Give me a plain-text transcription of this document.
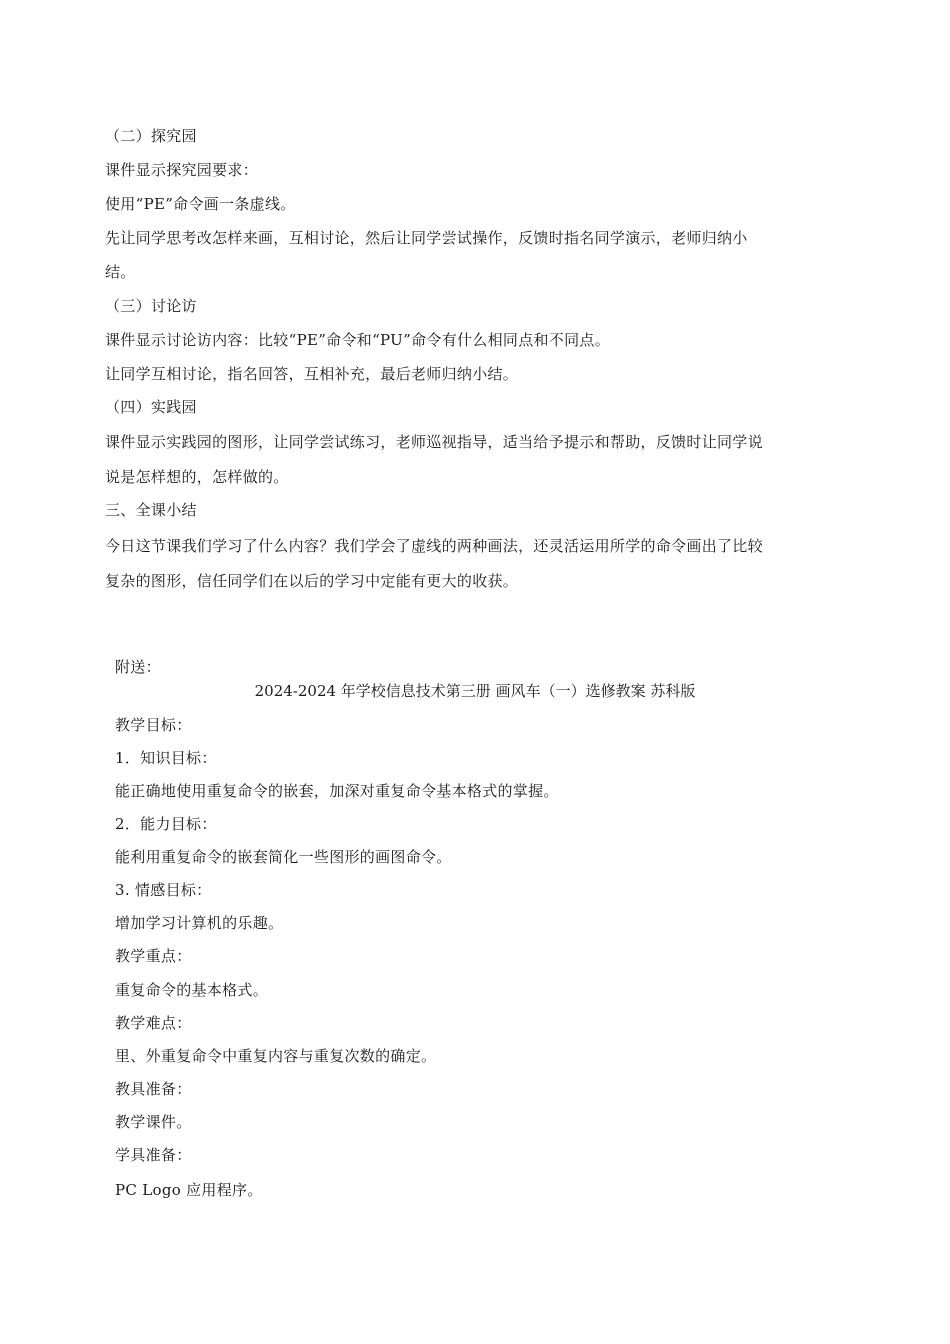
（二）探究园
课件显示探究园要求：
使用“PE”命令画一条虚线。
先让同学思考改怎样来画，互相讨论，然后让同学尝试操作，反馈时指名同学演示，老师归纳小
结。
（三）讨论访
课件显示讨论访内容：比较“PE”命令和“PU”命令有什么相同点和不同点。
让同学互相讨论，指名回答，互相补充，最后老师归纳小结。
（四）实践园
课件显示实践园的图形，让同学尝试练习，老师巡视指导，适当给予提示和帮助，反馈时让同学说
说是怎样想的，怎样做的。
三、全课小结
今日这节课我们学习了什么内容？我们学会了虚线的两种画法，还灵活运用所学的命令画出了比较
复杂的图形，信任同学们在以后的学习中定能有更大的收获。
附送：
2024-2024 年学校信息技术第三册 画风车（一）选修教案 苏科版
教学目标：
1．知识目标：
能正确地使用重复命令的嵌套，加深对重复命令基本格式的掌握。
2．能力目标：
能利用重复命令的嵌套简化一些图形的画图命令。
3. 情感目标：
增加学习计算机的乐趣。
教学重点：
重复命令的基本格式。
教学难点：
里、外重复命令中重复内容与重复次数的确定。
教具准备：
教学课件。
学具准备：
PC Logo 应用程序。
